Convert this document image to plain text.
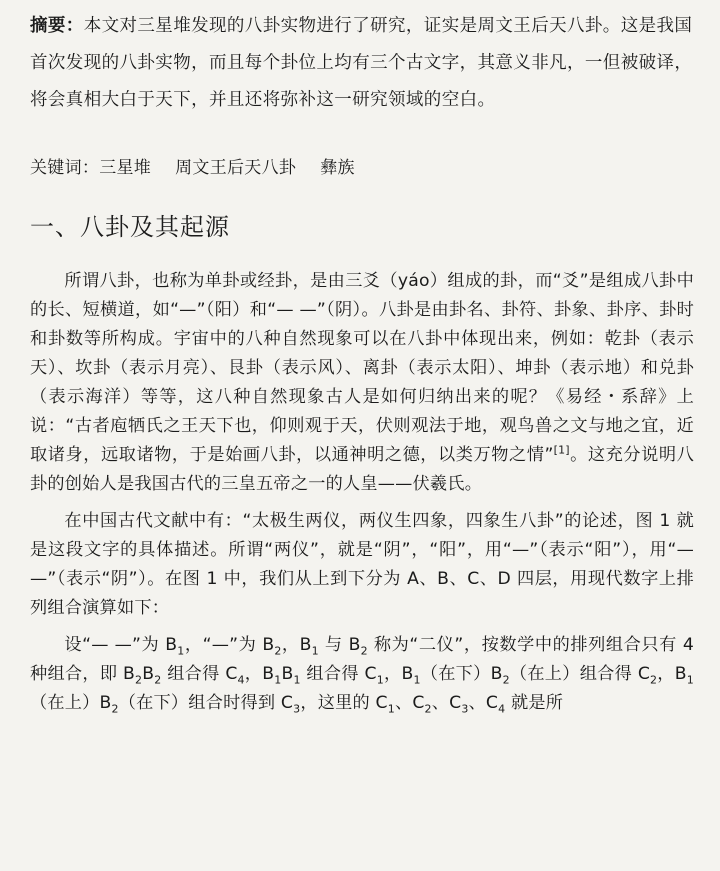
摘要：本文对三星堆发现的八卦实物进行了研究，证实是周文王后天八卦。这是我国首次发现的八卦实物，而且每个卦位上均有三个古文字，其意义非凡，一但被破译，将会真相大白于天下，并且还将弥补这一研究领域的空白。

关键词：三星堆 周文王后天八卦 彝族
一、八卦及其起源

所谓八卦，也称为单卦或经卦，是由三爻（yáo）组成的卦，而“爻”是组成八卦中的长、短横道，如“—”（阳）和“— —”（阴）。八卦是由卦名、卦符、卦象、卦序、卦时和卦数等所构成。宇宙中的八种自然现象可以在八卦中体现出来，例如：乾卦（表示天）、坎卦（表示月亮）、艮卦（表示风）、离卦（表示太阳）、坤卦（表示地）和兑卦（表示海洋）等等，这八种自然现象古人是如何归纳出来的呢？《易经・系辞》上说：“古者庖牺氏之王天下也，仰则观于天，伏则观法于地，观鸟兽之文与地之宜，近取诸身，远取诸物，于是始画八卦，以通神明之德，以类万物之情”[1]。这充分说明八卦的创始人是我国古代的三皇五帝之一的人皇——伏羲氏。

在中国古代文献中有：“太极生两仪，两仪生四象，四象生八卦”的论述，图 1 就是这段文字的具体描述。所谓“两仪”，就是“阴”，“阳”，用“—”（表示“阳”），用“— —”（表示“阴”）。在图 1 中，我们从上到下分为 A、B、C、D 四层，用现代数字上排列组合演算如下：

设“— —”为 $B_1$，“—”为 $B_2$，$B_1$ 与 $B_2$ 称为“二仪”，按数学中的排列组合只有 4 种组合，即 $B_2B_2$ 组合得 $C_4$，$B_1B_1$ 组合得 $C_1$，$B_1$（在下）$B_2$（在上）组合得 $C_2$，$B_1$（在上）$B_2$（在下）组合时得到 $C_3$，这里的 $C_1$、$C_2$、$C_3$、$C_4$ 就是所
